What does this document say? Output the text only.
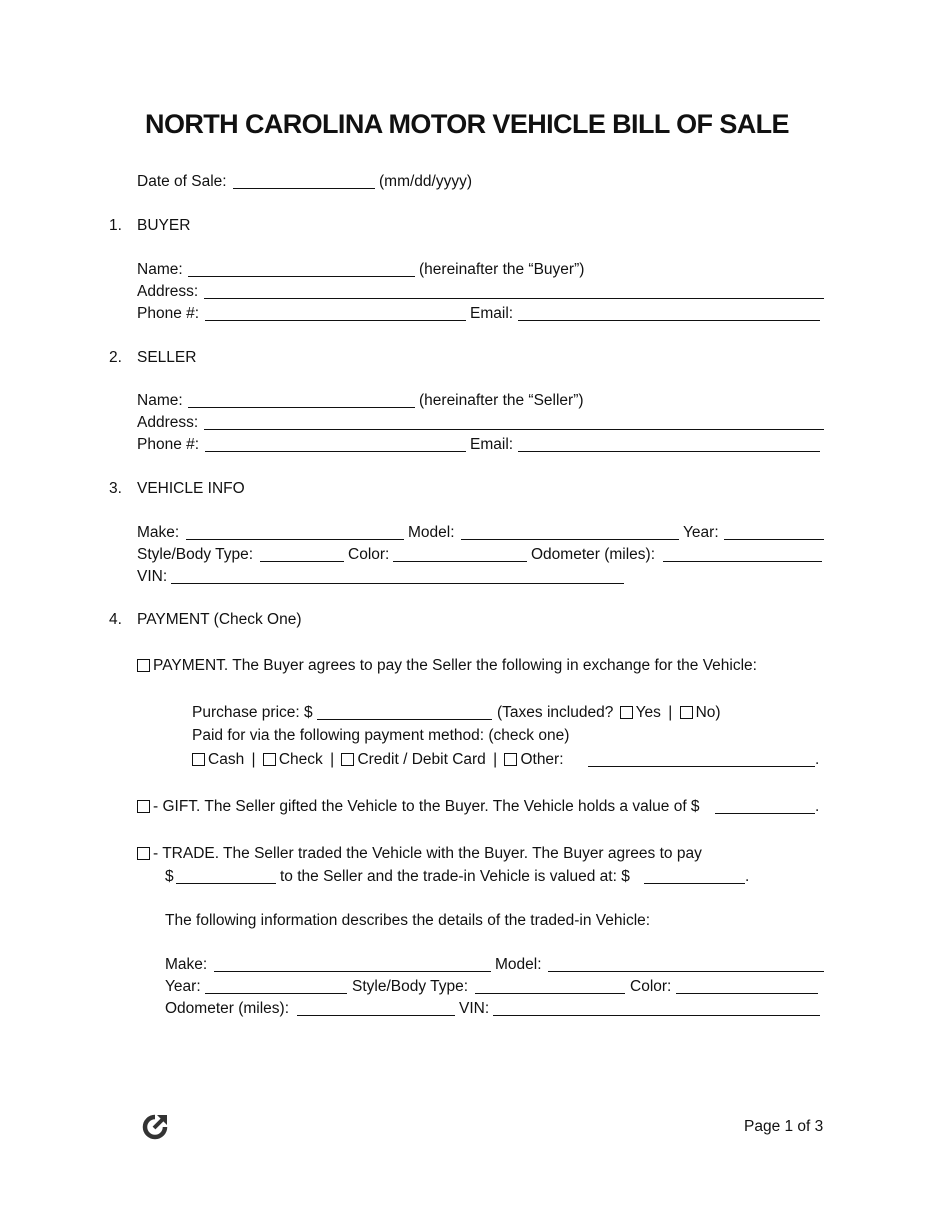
NORTH CAROLINA MOTOR VEHICLE BILL OF SALE
Date of Sale:	(mm/dd/yyyy)
1. BUYER
Name:	(hereinafter the “Buyer”)
Address:
Phone #:	Email:
2. SELLER
Name:	(hereinafter the “Seller”)
Address:
Phone #:	Email:
3. VEHICLE INFO
Make:	Model:	Year:
Style/Body Type:	Color:	Odometer (miles):
VIN:
4. PAYMENT (Check One)
PAYMENT. The Buyer agrees to pay the Seller the following in exchange for the Vehicle:
Purchase price: $	(Taxes included? Yes | No)
Paid for via the following payment method: (check one)
Cash | Check | Credit / Debit Card | Other:	.
- GIFT. The Seller gifted the Vehicle to the Buyer. The Vehicle holds a value of $	.
- TRADE. The Seller traded the Vehicle with the Buyer. The Buyer agrees to pay
$	to the Seller and the trade-in Vehicle is valued at: $	.
The following information describes the details of the traded-in Vehicle:
Make:	Model:
Year:	Style/Body Type:	Color:
Odometer (miles):	VIN:
Page 1 of 3
